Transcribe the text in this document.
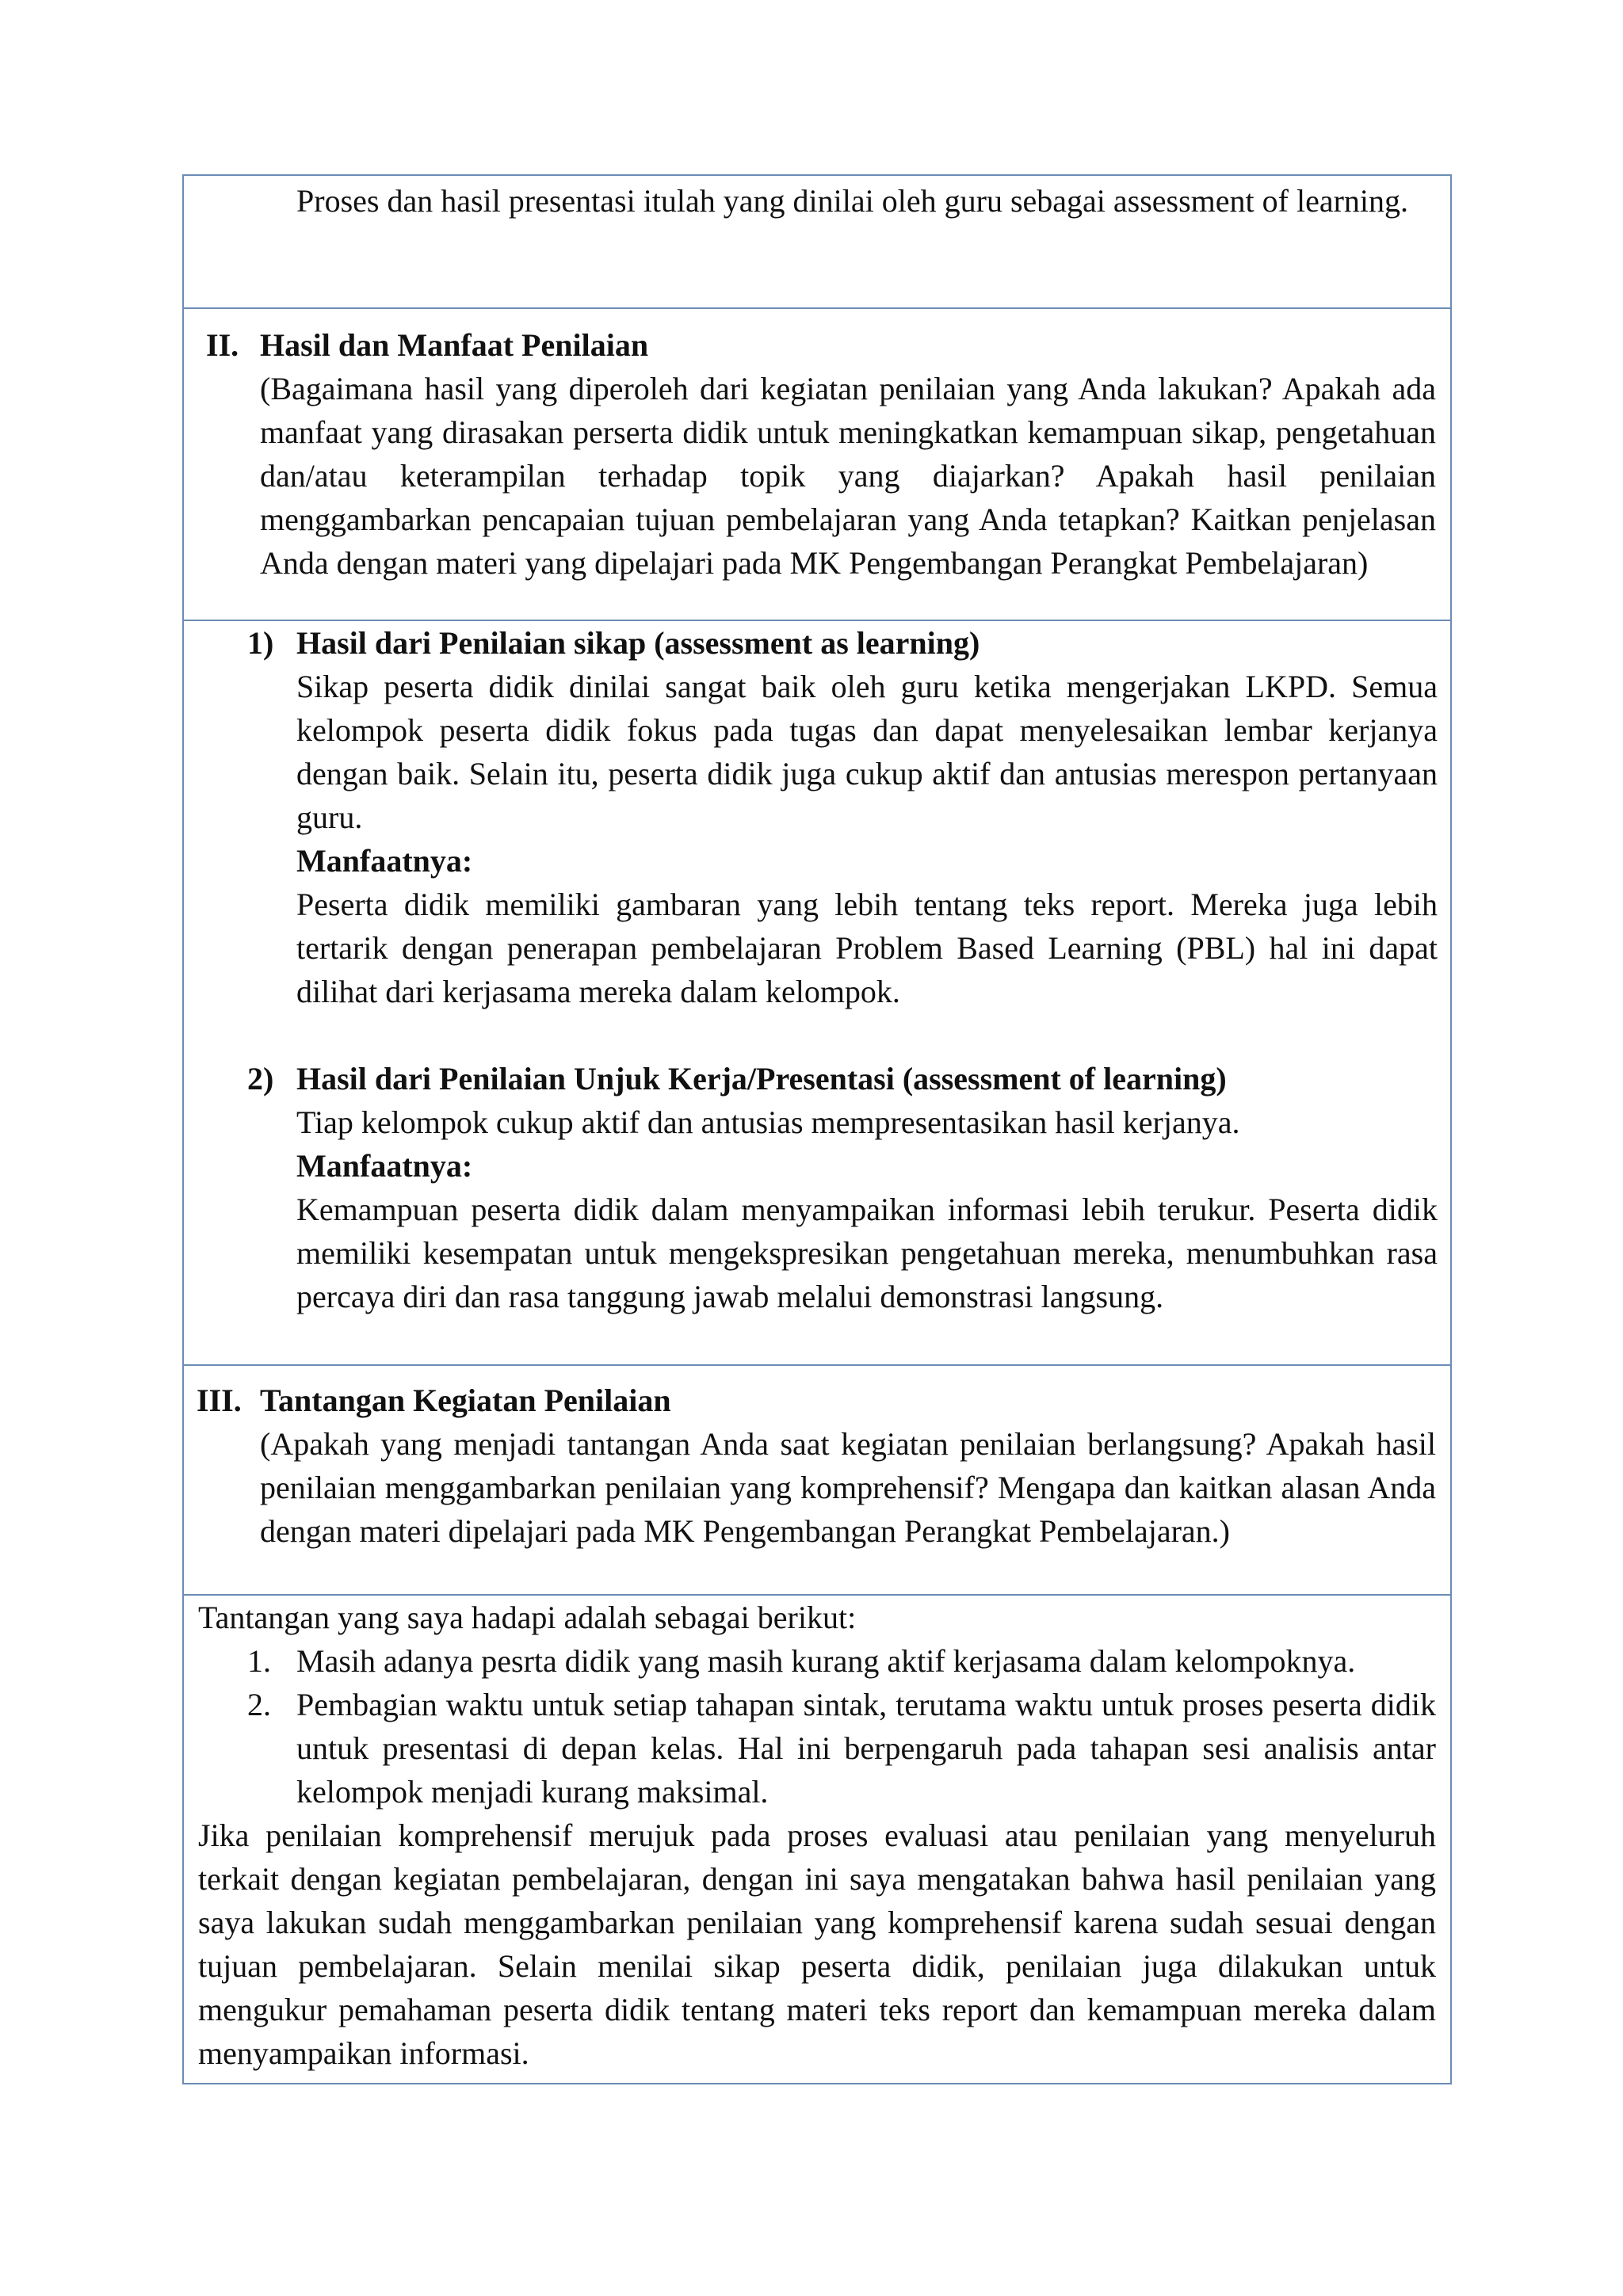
Proses dan hasil presentasi itulah yang dinilai oleh guru sebagai assessment of learning.

II. Hasil dan Manfaat Penilaian

(Bagaimana hasil yang diperoleh dari kegiatan penilaian yang Anda lakukan? Apakah ada manfaat yang dirasakan perserta didik untuk meningkatkan kemampuan sikap, pengetahuan dan/atau keterampilan terhadap topik yang diajarkan? Apakah hasil penilaian menggambarkan pencapaian tujuan pembelajaran yang Anda tetapkan? Kaitkan penjelasan Anda dengan materi yang dipelajari pada MK Pengembangan Perangkat Pembelajaran)

1) Hasil dari Penilaian sikap (assessment as learning)

Sikap peserta didik dinilai sangat baik oleh guru ketika mengerjakan LKPD. Semua kelompok peserta didik fokus pada tugas dan dapat menyelesaikan lembar kerjanya dengan baik. Selain itu, peserta didik juga cukup aktif dan antusias merespon pertanyaan guru.

Manfaatnya:

Peserta didik memiliki gambaran yang lebih tentang teks report. Mereka juga lebih tertarik dengan penerapan pembelajaran Problem Based Learning (PBL) hal ini dapat dilihat dari kerjasama mereka dalam kelompok.

2) Hasil dari Penilaian Unjuk Kerja/Presentasi (assessment of learning)

Tiap kelompok cukup aktif dan antusias mempresentasikan hasil kerjanya.

Manfaatnya:

Kemampuan peserta didik dalam menyampaikan informasi lebih terukur. Peserta didik memiliki kesempatan untuk mengekspresikan pengetahuan mereka, menumbuhkan rasa percaya diri dan rasa tanggung jawab melalui demonstrasi langsung.

III. Tantangan Kegiatan Penilaian

(Apakah yang menjadi tantangan Anda saat kegiatan penilaian berlangsung? Apakah hasil penilaian menggambarkan penilaian yang komprehensif? Mengapa dan kaitkan alasan Anda dengan materi dipelajari pada MK Pengembangan Perangkat Pembelajaran.)

Tantangan yang saya hadapi adalah sebagai berikut:

1. Masih adanya pesrta didik yang masih kurang aktif kerjasama dalam kelompoknya.
2. Pembagian waktu untuk setiap tahapan sintak, terutama waktu untuk proses peserta didik untuk presentasi di depan kelas. Hal ini berpengaruh pada tahapan sesi analisis antar kelompok menjadi kurang maksimal.

Jika penilaian komprehensif merujuk pada proses evaluasi atau penilaian yang menyeluruh terkait dengan kegiatan pembelajaran, dengan ini saya mengatakan bahwa hasil penilaian yang saya lakukan sudah menggambarkan penilaian yang komprehensif karena sudah sesuai dengan tujuan pembelajaran. Selain menilai sikap peserta didik, penilaian juga dilakukan untuk mengukur pemahaman peserta didik tentang materi teks report dan kemampuan mereka dalam menyampaikan informasi.
